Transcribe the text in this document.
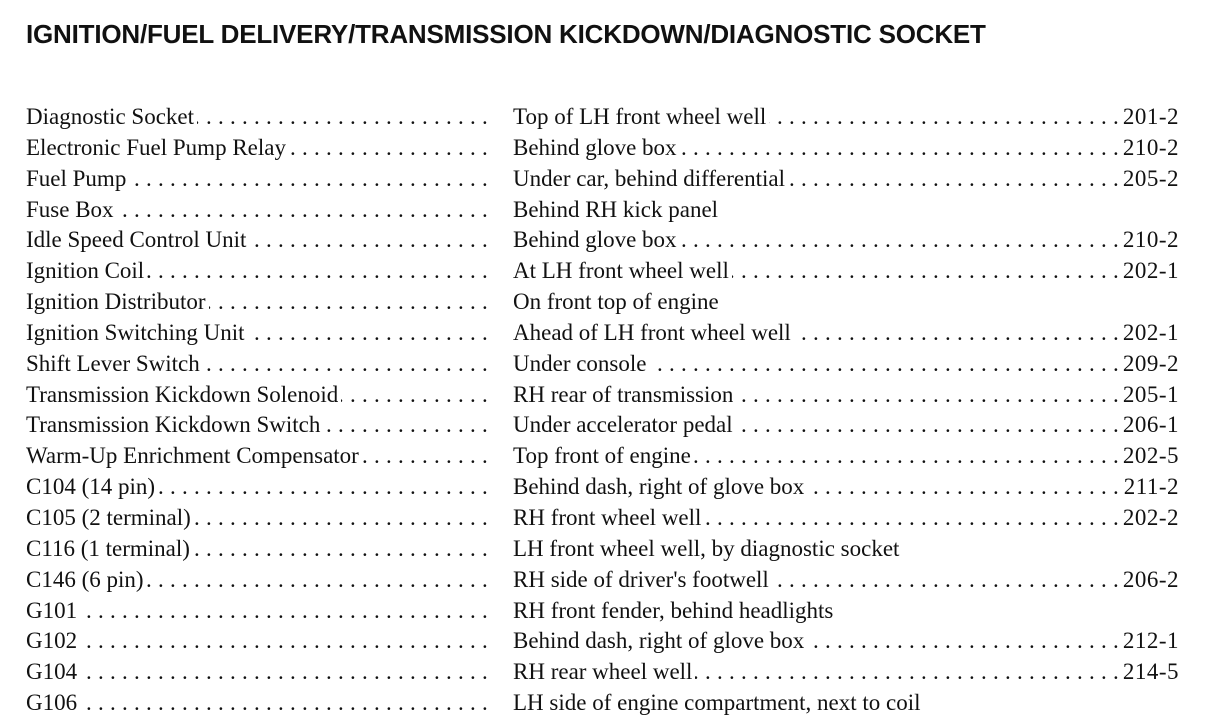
IGNITION/FUEL DELIVERY/TRANSMISSION KICKDOWN/DIAGNOSTIC SOCKET
. . .
Diagnostic Socket . . .	Top of LH front wheel well	201-2
. . .
Electronic Fuel Pump Relay . . .	Behind glove box	210-2
. . .
Fuel Pump . . .	Under car, behind differential	205-2
. . .
Fuse Box	Behind RH kick panel
. . .
Idle Speed Control Unit . . .	Behind glove box	210-2
. . .
Ignition Coil . . .	At LH front wheel well	202-1
. . .
Ignition Distributor	On front top of engine
. . .
Ignition Switching Unit . . .	Ahead of LH front wheel well	202-1
. . .
Shift Lever Switch . . .	Under console	209-2
. . .
Transmission Kickdown Solenoid . . .	RH rear of transmission	205-1
. . .
Transmission Kickdown Switch . . .	Under accelerator pedal	206-1
. . .
Warm-Up Enrichment Compensator . . .	Top front of engine	202-5
. . .
C104 (14 pin) . . .	Behind dash, right of glove box	211-2
. . .
C105 (2 terminal) . . .	RH front wheel well	202-2
. . .
C116 (1 terminal)	LH front wheel well, by diagnostic socket
. . .
C146 (6 pin) . . .	RH side of driver's footwell	206-2
. . .
G101	RH front fender, behind headlights
. . .
G102 . . .	Behind dash, right of glove box	212-1
. . .
G104 . . .	RH rear wheel well	214-5
. . .
G106	LH side of engine compartment, next to coil
